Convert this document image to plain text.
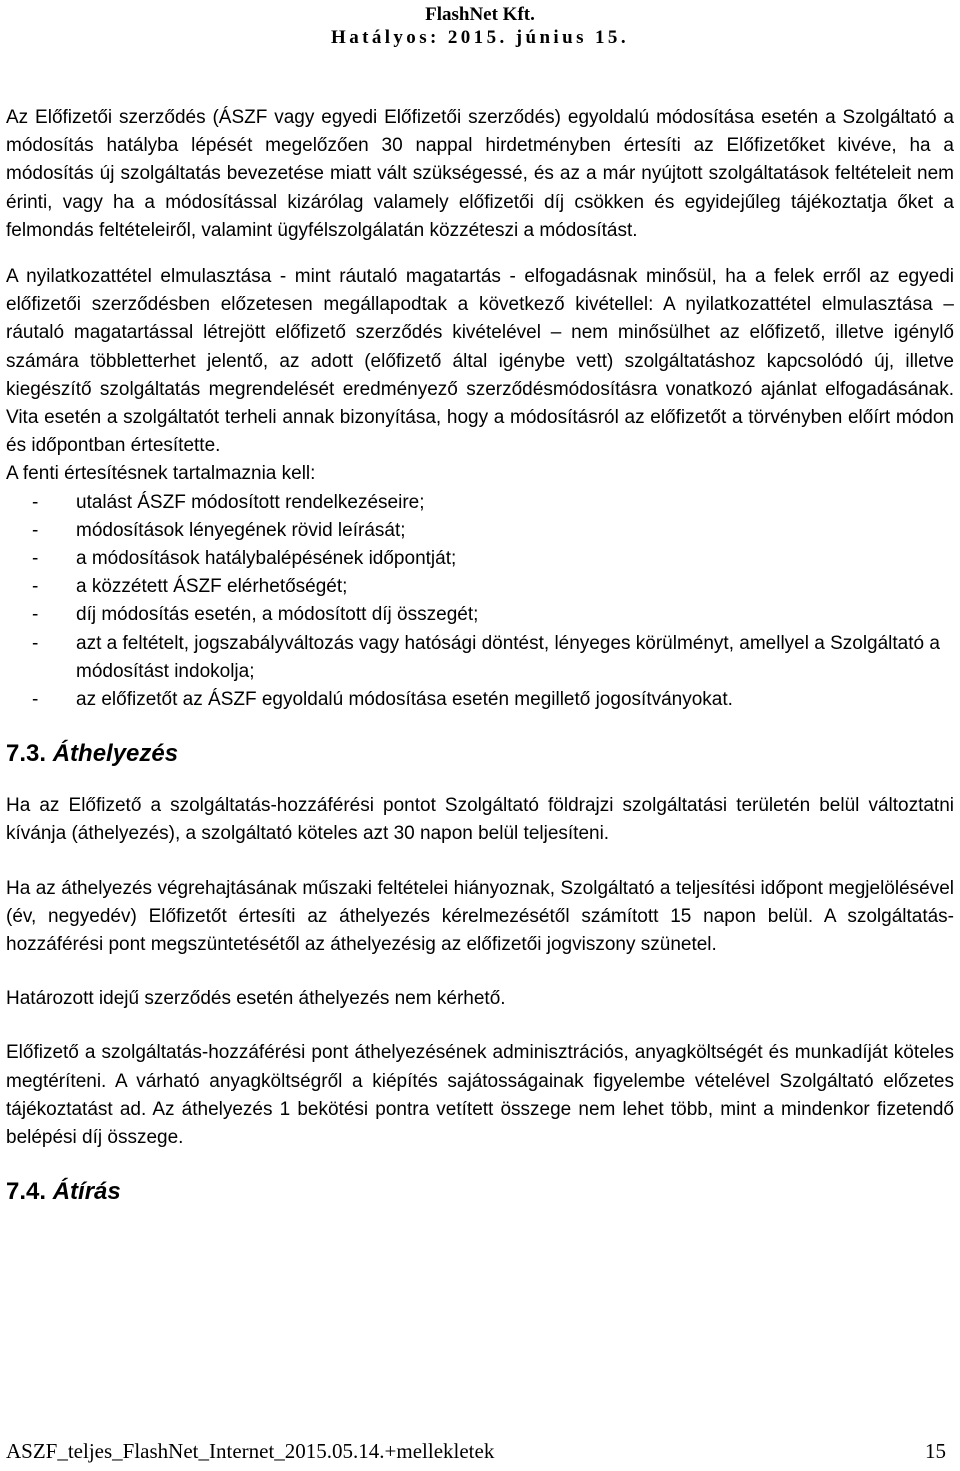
FlashNet Kft.
Hatályos: 2015. június 15.

Az Előfizetői szerződés (ÁSZF vagy egyedi Előfizetői szerződés) egyoldalú módosítása esetén a Szolgáltató a módosítás hatályba lépését megelőzően 30 nappal hirdetményben értesíti az Előfizetőket kivéve, ha a módosítás új szolgáltatás bevezetése miatt vált szükségessé, és az a már nyújtott szolgáltatások feltételeit nem érinti, vagy ha a módosítással kizárólag valamely előfizetői díj csökken és egyidejűleg tájékoztatja őket a felmondás feltételeiről, valamint ügyfélszolgálatán közzéteszi a módosítást.

A nyilatkozattétel elmulasztása - mint ráutaló magatartás - elfogadásnak minősül, ha a felek erről az egyedi előfizetői szerződésben előzetesen megállapodtak a következő kivétellel: A nyilatkozattétel elmulasztása – ráutaló magatartással létrejött előfizető szerződés kivételével – nem minősülhet az előfizető, illetve igénylő számára többletterhet jelentő, az adott (előfizető által igénybe vett) szolgáltatáshoz kapcsolódó új, illetve kiegészítő szolgáltatás megrendelését eredményező szerződésmódosításra vonatkozó ajánlat elfogadásának. Vita esetén a szolgáltatót terheli annak bizonyítása, hogy a módosításról az előfizetőt a törvényben előírt módon és időpontban értesítette.

A fenti értesítésnek tartalmaznia kell:

- utalást ÁSZF módosított rendelkezéseire;
- módosítások lényegének rövid leírását;
- a módosítások hatálybalépésének időpontját;
- a közzétett ÁSZF elérhetőségét;
- díj módosítás esetén, a módosított díj összegét;
- azt a feltételt, jogszabályváltozás vagy hatósági döntést, lényeges körülményt, amellyel a Szolgáltató a módosítást indokolja;
- az előfizetőt az ÁSZF egyoldalú módosítása esetén megillető jogosítványokat.
7.3. Áthelyezés

Ha az Előfizető a szolgáltatás-hozzáférési pontot Szolgáltató földrajzi szolgáltatási területén belül változtatni kívánja (áthelyezés), a szolgáltató köteles azt 30 napon belül teljesíteni.

Ha az áthelyezés végrehajtásának műszaki feltételei hiányoznak, Szolgáltató a teljesítési időpont megjelölésével (év, negyedév) Előfizetőt értesíti az áthelyezés kérelmezésétől számított 15 napon belül. A szolgáltatás-hozzáférési pont megszüntetésétől az áthelyezésig az előfizetői jogviszony szünetel.

Határozott idejű szerződés esetén áthelyezés nem kérhető.

Előfizető a szolgáltatás-hozzáférési pont áthelyezésének adminisztrációs, anyagköltségét és munkadíját köteles megtéríteni. A várható anyagköltségről a kiépítés sajátosságainak figyelembe vételével Szolgáltató előzetes tájékoztatást ad. Az áthelyezés 1 bekötési pontra vetített összege nem lehet több, mint a mindenkor fizetendő belépési díj összege.

7.4. Átírás
ASZF_teljes_FlashNet_Internet_2015.05.14.+mellekletek	15
